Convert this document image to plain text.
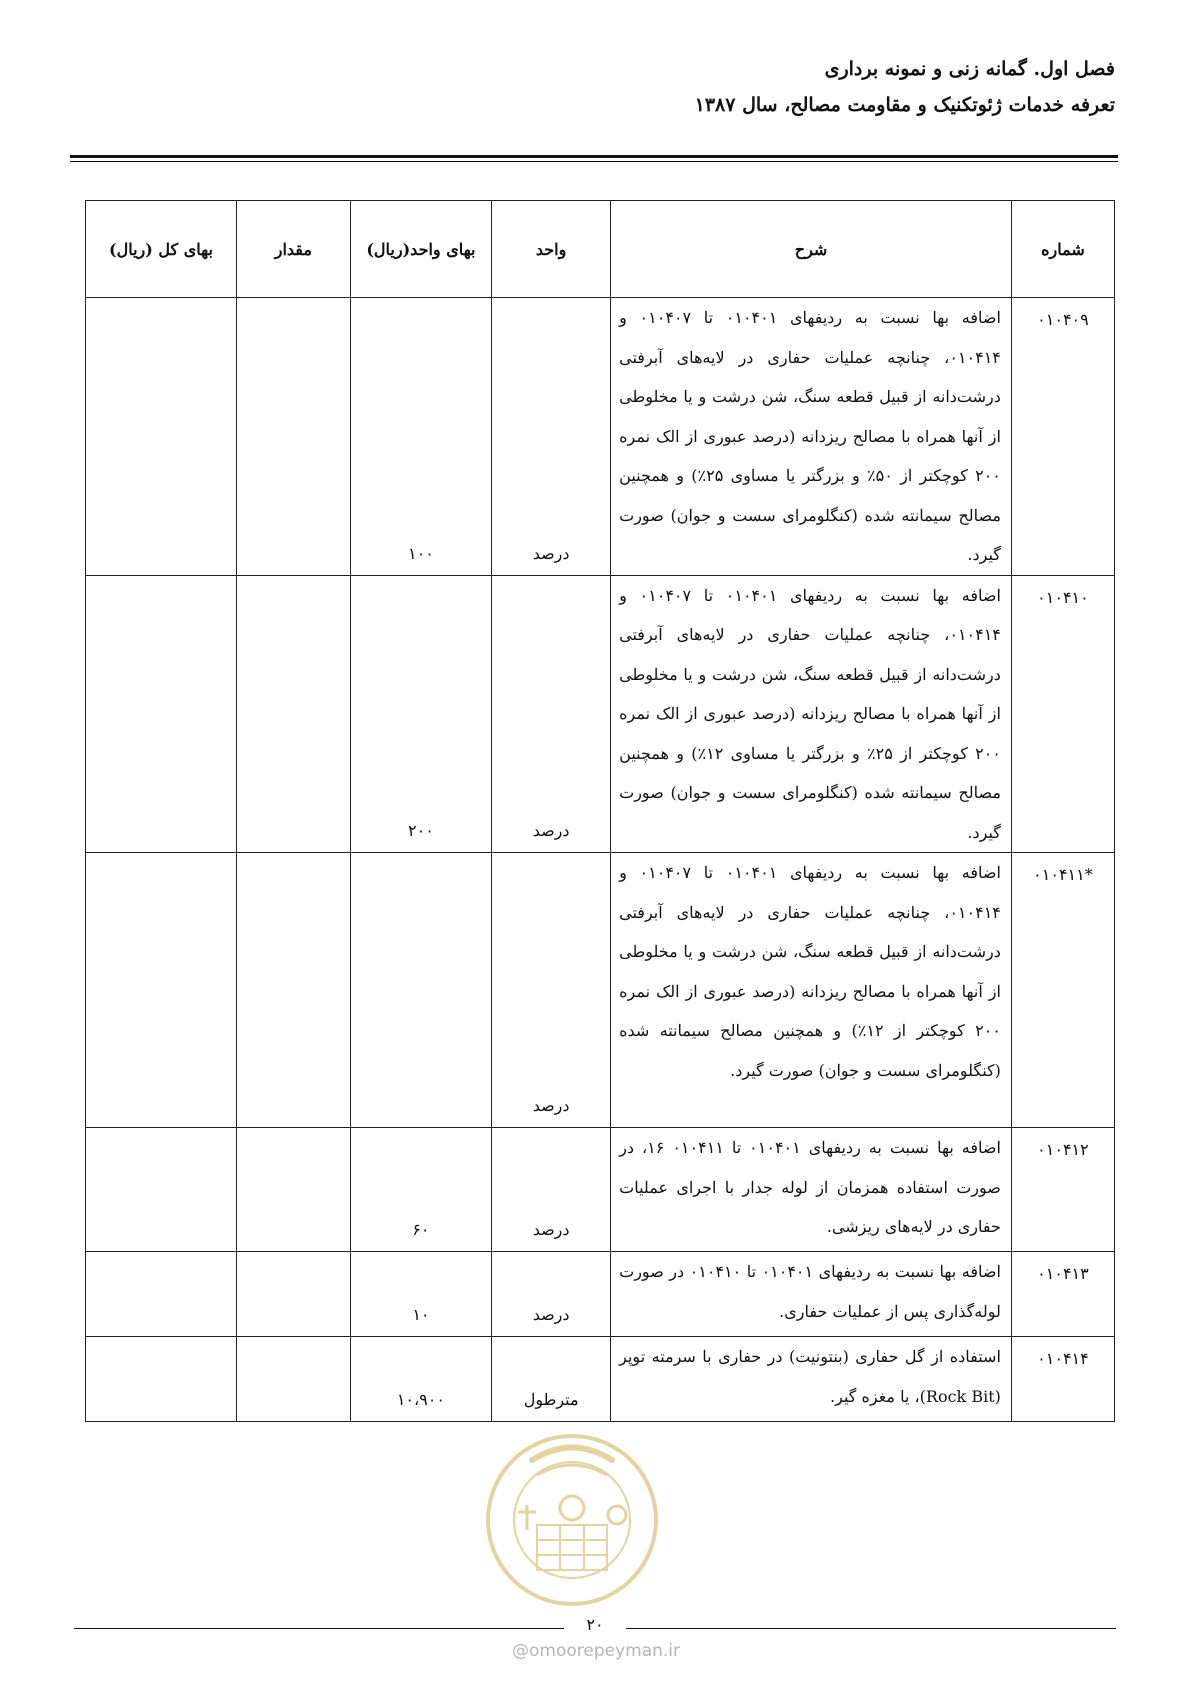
فصل اول. گمانه زنی و نمونه برداری
تعرفه خدمات ژئوتکنیک و مقاومت مصالح، سال ۱۳۸۷
شماره	شرح	واحد	بهای واحد(ریال)	مقدار	بهای کل (ریال)
۰۱۰۴۰۹	اضافه بها نسبت به ردیفهای ۰۱۰۴۰۱ تا ۰۱۰۴۰۷ و ۰۱۰۴۱۴، چنانچه عملیات حفاری در لایه‌های آبرفتی درشت‌دانه از قبیل قطعه سنگ، شن درشت و یا مخلوطی از آنها همراه با مصالح ریزدانه (درصد عبوری از الک نمره ۲۰۰ کوچکتر از ۵۰٪ و بزرگتر یا مساوی ۲۵٪) و همچنین مصالح سیمانته شده (کنگلومرای سست و جوان) صورت گیرد.	درصد	۱۰۰		
۰۱۰۴۱۰	اضافه بها نسبت به ردیفهای ۰۱۰۴۰۱ تا ۰۱۰۴۰۷ و ۰۱۰۴۱۴، چنانچه عملیات حفاری در لایه‌های آبرفتی درشت‌دانه از قبیل قطعه سنگ، شن درشت و یا مخلوطی از آنها همراه با مصالح ریزدانه (درصد عبوری از الک نمره ۲۰۰ کوچکتر از ۲۵٪ و بزرگتر یا مساوی ۱۲٪) و همچنین مصالح سیمانته شده (کنگلومرای سست و جوان) صورت گیرد.	درصد	۲۰۰		
*۰۱۰۴۱۱	اضافه بها نسبت به ردیفهای ۰۱۰۴۰۱ تا ۰۱۰۴۰۷ و ۰۱۰۴۱۴، چنانچه عملیات حفاری در لایه‌های آبرفتی درشت‌دانه از قبیل قطعه سنگ، شن درشت و یا مخلوطی از آنها همراه با مصالح ریزدانه (درصد عبوری از الک نمره ۲۰۰ کوچکتر از ۱۲٪) و همچنین مصالح سیمانته شده (کنگلومرای سست و جوان) صورت گیرد.	درصد			
۰۱۰۴۱۲	اضافه بها نسبت به ردیفهای ۰۱۰۴۰۱ تا ۰۱۰۴۱۱ ۱۶، در صورت استفاده همزمان از لوله جدار با اجرای عملیات حفاری در لایه‌های ریزشی.	درصد	۶۰		
۰۱۰۴۱۳	اضافه بها نسبت به ردیفهای ۰۱۰۴۰۱ تا ۰۱۰۴۱۰ در صورت لوله‌گذاری پس از عملیات حفاری.	درصد	۱۰		
۰۱۰۴۱۴	استفاده از گل حفاری (بنتونیت) در حفاری با سرمته توپر (Rock Bit)، یا مغزه گیر.	مترطول	۱۰،۹۰۰		
۲۰
@omoorepeyman.ir
